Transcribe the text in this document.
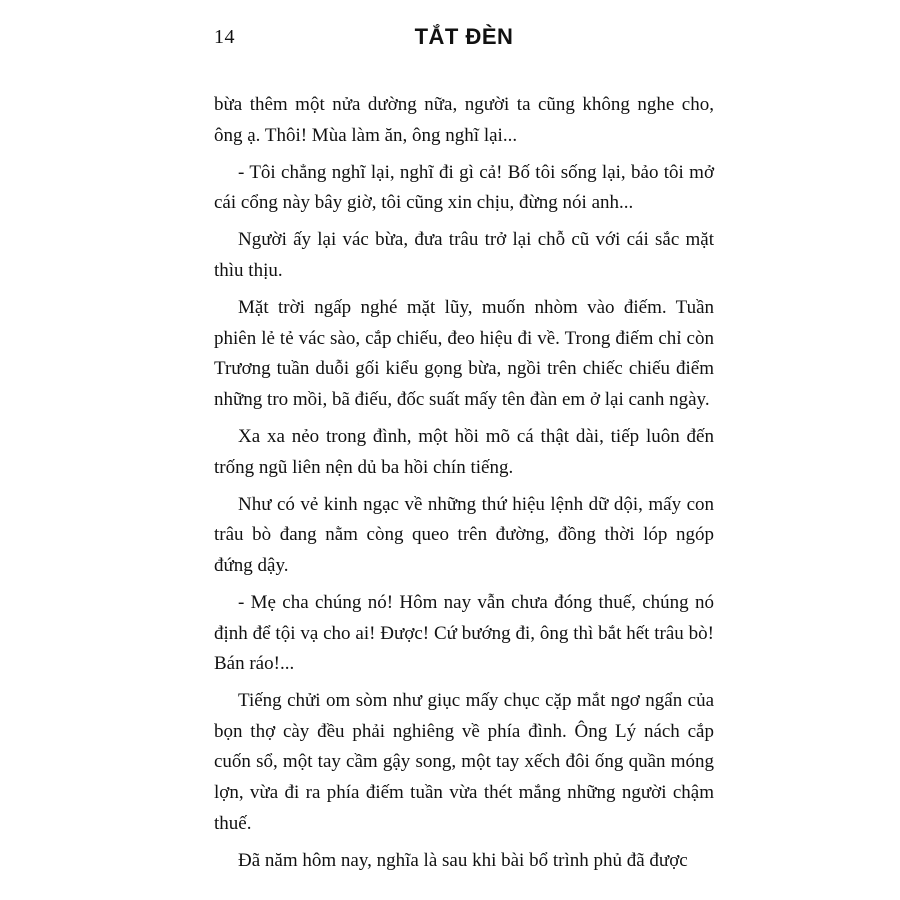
14	TẮT ĐÈN

bừa thêm một nửa dường nữa, người ta cũng không nghe cho, ông ạ. Thôi! Mùa làm ăn, ông nghĩ lại...

- Tôi chẳng nghĩ lại, nghĩ đi gì cả! Bố tôi sống lại, bảo tôi mở cái cổng này bây giờ, tôi cũng xin chịu, đừng nói anh...

Người ấy lại vác bừa, đưa trâu trở lại chỗ cũ với cái sắc mặt thìu thịu.

Mặt trời ngấp nghé mặt lũy, muốn nhòm vào điếm. Tuần phiên lẻ tẻ vác sào, cắp chiếu, đeo hiệu đi về. Trong điếm chỉ còn Trương tuần duỗi gối kiểu gọng bừa, ngồi trên chiếc chiếu điểm những tro mồi, bã điếu, đốc suất mấy tên đàn em ở lại canh ngày.

Xa xa nẻo trong đình, một hồi mõ cá thật dài, tiếp luôn đến trống ngũ liên nện dủ ba hồi chín tiếng.

Như có vẻ kinh ngạc về những thứ hiệu lệnh dữ dội, mấy con trâu bò đang nằm còng queo trên đường, đồng thời lóp ngóp đứng dậy.

- Mẹ cha chúng nó! Hôm nay vẫn chưa đóng thuế, chúng nó định để tội vạ cho ai! Được! Cứ bướng đi, ông thì bắt hết trâu bò! Bán ráo!...

Tiếng chửi om sòm như giục mấy chục cặp mắt ngơ ngẩn của bọn thợ cày đều phải nghiêng về phía đình. Ông Lý nách cắp cuốn sổ, một tay cầm gậy song, một tay xếch đôi ống quần móng lợn, vừa đi ra phía điếm tuần vừa thét mắng những người chậm thuế.

Đã năm hôm nay, nghĩa là sau khi bài bổ trình phủ đã được
